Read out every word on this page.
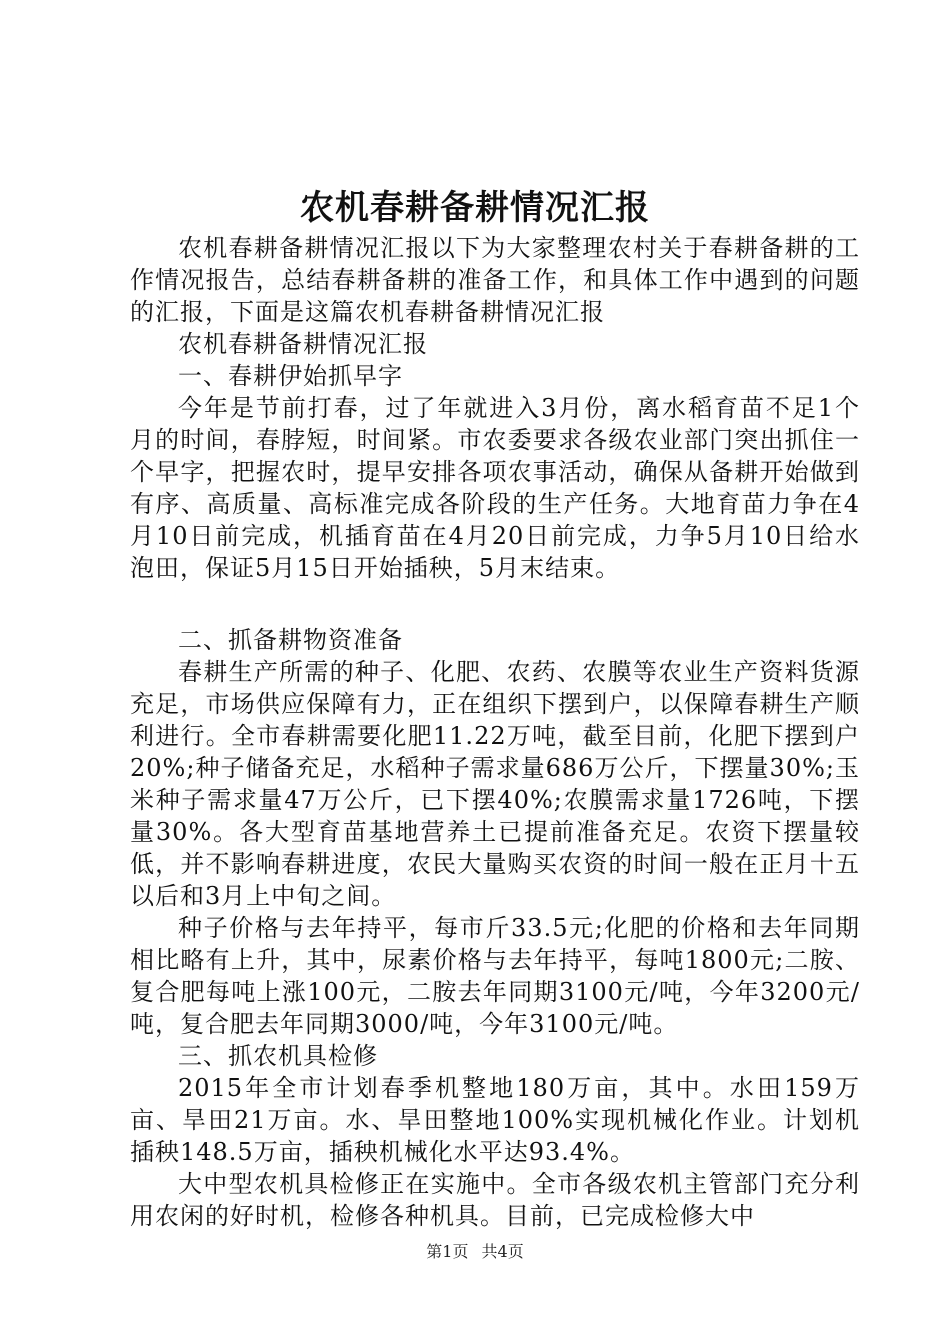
农机春耕备耕情况汇报

农机春耕备耕情况汇报以下为大家整理农村关于春耕备耕的工作情况报告，总结春耕备耕的准备工作，和具体工作中遇到的问题的汇报，下面是这篇农机春耕备耕情况汇报

农机春耕备耕情况汇报

一、春耕伊始抓早字

今年是节前打春，过了年就进入3月份，离水稻育苗不足1个月的时间，春脖短，时间紧。市农委要求各级农业部门突出抓住一个早字，把握农时，提早安排各项农事活动，确保从备耕开始做到有序、高质量、高标准完成各阶段的生产任务。大地育苗力争在4月10日前完成，机插育苗在4月20日前完成，力争5月10日给水泡田，保证5月15日开始插秧，5月末结束。

二、抓备耕物资准备

春耕生产所需的种子、化肥、农药、农膜等农业生产资料货源充足，市场供应保障有力，正在组织下摆到户，以保障春耕生产顺利进行。全市春耕需要化肥11.22万吨，截至目前，化肥下摆到户20%;种子储备充足，水稻种子需求量686万公斤，下摆量30%;玉米种子需求量47万公斤，已下摆40%;农膜需求量1726吨，下摆量30%。各大型育苗基地营养土已提前准备充足。农资下摆量较低，并不影响春耕进度，农民大量购买农资的时间一般在正月十五以后和3月上中旬之间。

种子价格与去年持平，每市斤33.5元;化肥的价格和去年同期相比略有上升，其中，尿素价格与去年持平，每吨1800元;二胺、复合肥每吨上涨100元，二胺去年同期3100元/吨，今年3200元/吨，复合肥去年同期3000/吨，今年3100元/吨。

三、抓农机具检修

2015年全市计划春季机整地180万亩，其中。水田159万亩、旱田21万亩。水、旱田整地100%实现机械化作业。计划机插秧148.5万亩，插秧机械化水平达93.4%。

大中型农机具检修正在实施中。全市各级农机主管部门充分利用农闲的好时机，检修各种机具。目前，已完成检修大中

第1页 共4页
